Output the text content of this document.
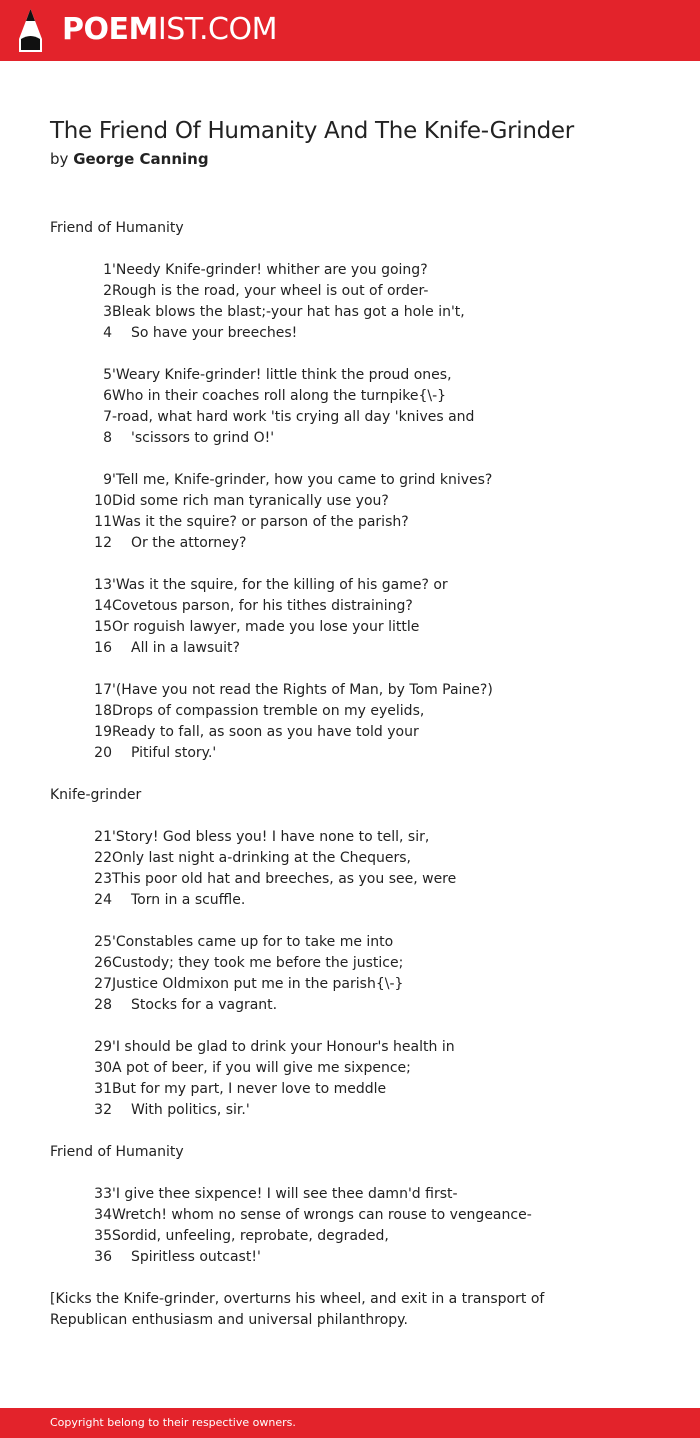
POEMIST.COM
The Friend Of Humanity And The Knife-Grinder
by George Canning
Friend of Humanity
1'Needy Knife-grinder! whither are you going?
2Rough is the road, your wheel is out of order-
3Bleak blows the blast;-your hat has got a hole in't,
4 So have your breeches!
5'Weary Knife-grinder! little think the proud ones,
6Who in their coaches roll along the turnpike{\-}
7-road, what hard work 'tis crying all day 'knives and
8 'scissors to grind O!'
9'Tell me, Knife-grinder, how you came to grind knives?
10Did some rich man tyranically use you?
11Was it the squire? or parson of the parish?
12 Or the attorney?
13'Was it the squire, for the killing of his game? or
14Covetous parson, for his tithes distraining?
15Or roguish lawyer, made you lose your little
16 All in a lawsuit?
17'(Have you not read the Rights of Man, by Tom Paine?)
18Drops of compassion tremble on my eyelids,
19Ready to fall, as soon as you have told your
20 Pitiful story.'
Knife-grinder
21'Story! God bless you! I have none to tell, sir,
22Only last night a-drinking at the Chequers,
23This poor old hat and breeches, as you see, were
24 Torn in a scuffle.
25'Constables came up for to take me into
26Custody; they took me before the justice;
27Justice Oldmixon put me in the parish{\-}
28 Stocks for a vagrant.
29'I should be glad to drink your Honour's health in
30A pot of beer, if you will give me sixpence;
31But for my part, I never love to meddle
32 With politics, sir.'
Friend of Humanity
33'I give thee sixpence! I will see thee damn'd first-
34Wretch! whom no sense of wrongs can rouse to vengeance-
35Sordid, unfeeling, reprobate, degraded,
36 Spiritless outcast!'
[Kicks the Knife-grinder, overturns his wheel, and exit in a transport of Republican enthusiasm and universal philanthropy.
Copyright belong to their respective owners.
